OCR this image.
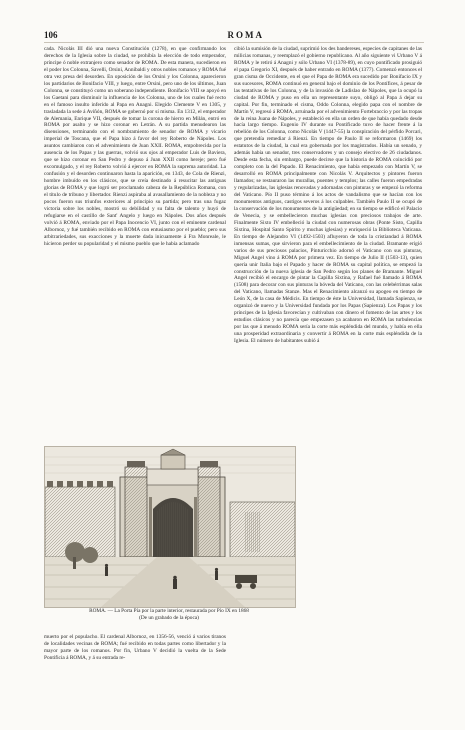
106	ROMA

cada. Nicolás III dió una nueva Constitución (1278), en que confirmando los derechos de la Iglesia sobre la ciudad, se prohibía la elección de todo emperador, príncipe ó noble extranjero como senador de ROMA. De esta manera, sucedieron en el poder los Colonna, Savelli, Orsini, Annibaldi y otros nobles romanos y ROMA fué otra vez presa del desorden. En oposición de los Orsini y los Colonna, aparecieron los partidarios de Bonifacio VIII, y luego, entre Orsini, pero uno de los últimos, Juan Colonna, se constituyó como un soberano independiente. Bonifacio VIII se apoyó en los Gaetani para disminuir la influencia de los Colonna, uno de los cuales fué recto en el famoso insulto inferido al Papa en Anagni. Elegido Clemente V en 1305, y trasladada la sede á Aviñón, ROMA se gobernó por sí misma. En 1312, el emperador de Alemania, Enrique VII, después de tomar la corona de hierro en Milán, entró en ROMA por asalto y se hizo coronar en Letrán. A su partida menudearon las disensiones, terminando con el nombramiento de senador de ROMA y vicario imperial de Toscana, que el Papa hizo á favor del rey Roberto de Nápoles. Los asuntos cambiaron con el advenimiento de Juan XXII. ROMA, empobrecida por la ausencia de los Papas y las guerras, volvió sus ojos al emperador Luis de Baviera, que se hizo coronar en San Pedro y depuso á Juan XXII como hereje; pero fué excomulgado, y el rey Roberto volvió á ejercer en ROMA la suprema autoridad. La confusión y el desorden continuaron hasta la aparición, en 1343, de Cola de Rienzi, hombre imbuído en los clásicos, que se creía destinado á resucitar las antiguas glorias de ROMA y que logró ser proclamado cabeza de la República Romana, con el título de tribuno y libertador. Rienzi aspiraba al avasallamiento de la nobleza y no pocos fueron sus triunfos exteriores al principio su partida; pero tras una fugaz victoria sobre los nobles, mostró su debilidad y su falta de talento y huyó de refugiarse en el castillo de Sant' Angelo y luego en Nápoles. Dos años después volvió á ROMA, enviado por el Papa Inocencio VI, junto con el eminente cardenal Albornoz, y fué también recibido en ROMA con entusiasmo por el pueblo; pero sus arbitrariedades, sus exacciones y la muerte dada inicuamente á Fra Monreale, le hicieron perder su popularidad y el mismo pueblo que le había aclamado

cibió la sumisión de la ciudad, suprimió los des bandereses, especies de capitanes de las milicias romanas, y reemplazó el gobierno republicano. Al año siguiente vi Urbano V á ROMA y le retiró á Anagni y sólo Urbano VI (1378-89), en cuyo pontificado prosiguió el papa Gregorio XI, después de haber entrado en ROMA (1377). Comenzó entonces el gran cisma de Occidente, en el que el Papa de ROMA era sucedido por Bonifacio IX y sus sucesores, ROMA continuó en general bajo el dominio de los Pontífices, á pesar de las tentativas de los Colonna, y de la invasión de Ladislao de Nápoles, que la ocupó la ciudad de ROMA y puso en ella un representante suyo, obligó al Papa á dejar su capital. Por fin, terminado el cisma, Oddo Colonna, elegido papa con el nombre de Martín V, regresó á ROMA, arruinada por el advenimiento Fortebraccio y por las tropas de la reina Juana de Nápoles, y estableció en ella un orden de que había quedado desde hacía largo tiempo. Eugenio IV durante su Pontificado tuvo de hacer frente á la rebelión de los Colonna, como Nicolás V (1447-55) la conspiración del pérfido Porcari, que pretendía remediar á Rienzi. En tiempo de Paulo II se reformaron (1469) los estatutos de la ciudad, la cual era gobernada por los magistrados. Había un senado, y además había un senador, tres conservadores y un consejo electivo de 26 ciudadanos. Desde esta fecha, sin embargo, puede decirse que la historia de ROMA coincidió por completo con la del Papado. El Renacimiento, que había empezado con Martín V, se desarrolló en ROMA principalmente con Nicolás V. Arquitectos y pintores fueron llamados; se restauraron las murallas, puentes y templos; las calles fueron empedradas y regularizadas, las iglesias renovadas y adornadas con pinturas y se empezó la reforma del Vaticano. Pío II puso término á los actos de vandalismo que se hacían con los monumentos antiguos, castigos severos á los culpables. También Paulo II se ocupó de la conservación de los monumentos de la antigüedad; en su tiempo se edificó el Palacio de Venecia, y se embellecieron muchas iglesias con preciosos trabajos de arte. Finalmente Sixto IV embelleció la ciudad con numerosas obras (Ponte Sisto, Capilla Sixtina, Hospital Santo Spirito y muchas iglesias) y enriqueció la Biblioteca Vaticana. En tiempo de Alejandro VI (1492-1503) afluyeron de toda la cristiandad á ROMA inmensas sumas, que sirvieron para el embellecimiento de la ciudad. Bramante erigió varios de sus preciosos palacios, Pinturicchio adornó el Vaticano con sus pinturas, Miguel Angel vino á ROMA por primera vez. En tiempo de Julio II (1503-13), quien quería unir Italia bajo el Papado y hacer de ROMA su capital política, se empezó la construcción de la nueva iglesia de San Pedro según los planes de Bramante. Miguel Angel recibió el encargo de pintar la Capilla Sixtina, y Rafael fué llamado á ROMA (1508) para decorar con sus pinturas la bóveda del Vaticano, con las celebérrimas salas del Vaticano, llamadas Stanze. Mas el Renacimiento alcanzó su apogeo en tiempo de León X, de la casa de Médicis. En tiempo de éste la Universidad, llamada Sapienza, se organizó de nuevo y la Universidad fundada por los Papas (Sapienza). Los Papas y los príncipes de la Iglesia favorecían y cultivaban con dinero el fomento de las artes y los estudios clásicos y no parecía que empezasen ya acabaron en ROMA las turbulencias por las que á menudo ROMA sería la corte más espléndida del mundo, y había en ella una prosperidad extraordinaria y convertir á ROMA en la corte más espléndida de la Iglesia. El número de habitantes subió á

ROMA. — La Porta Pía por la parte interior, restaurada por Pío IX en 1868
(De un grabado de la época)

muerto por el populacho. El cardenal Albornoz, en 1356-56, venció á varios tiranos de localidades vecinas de ROMA; fué recibido en todas partes como libertador y la mayor parte de los romanos. Por fin, Urbano V decidió la vuelta de la Sede Pontificia á ROMA, y á su entrada re-
